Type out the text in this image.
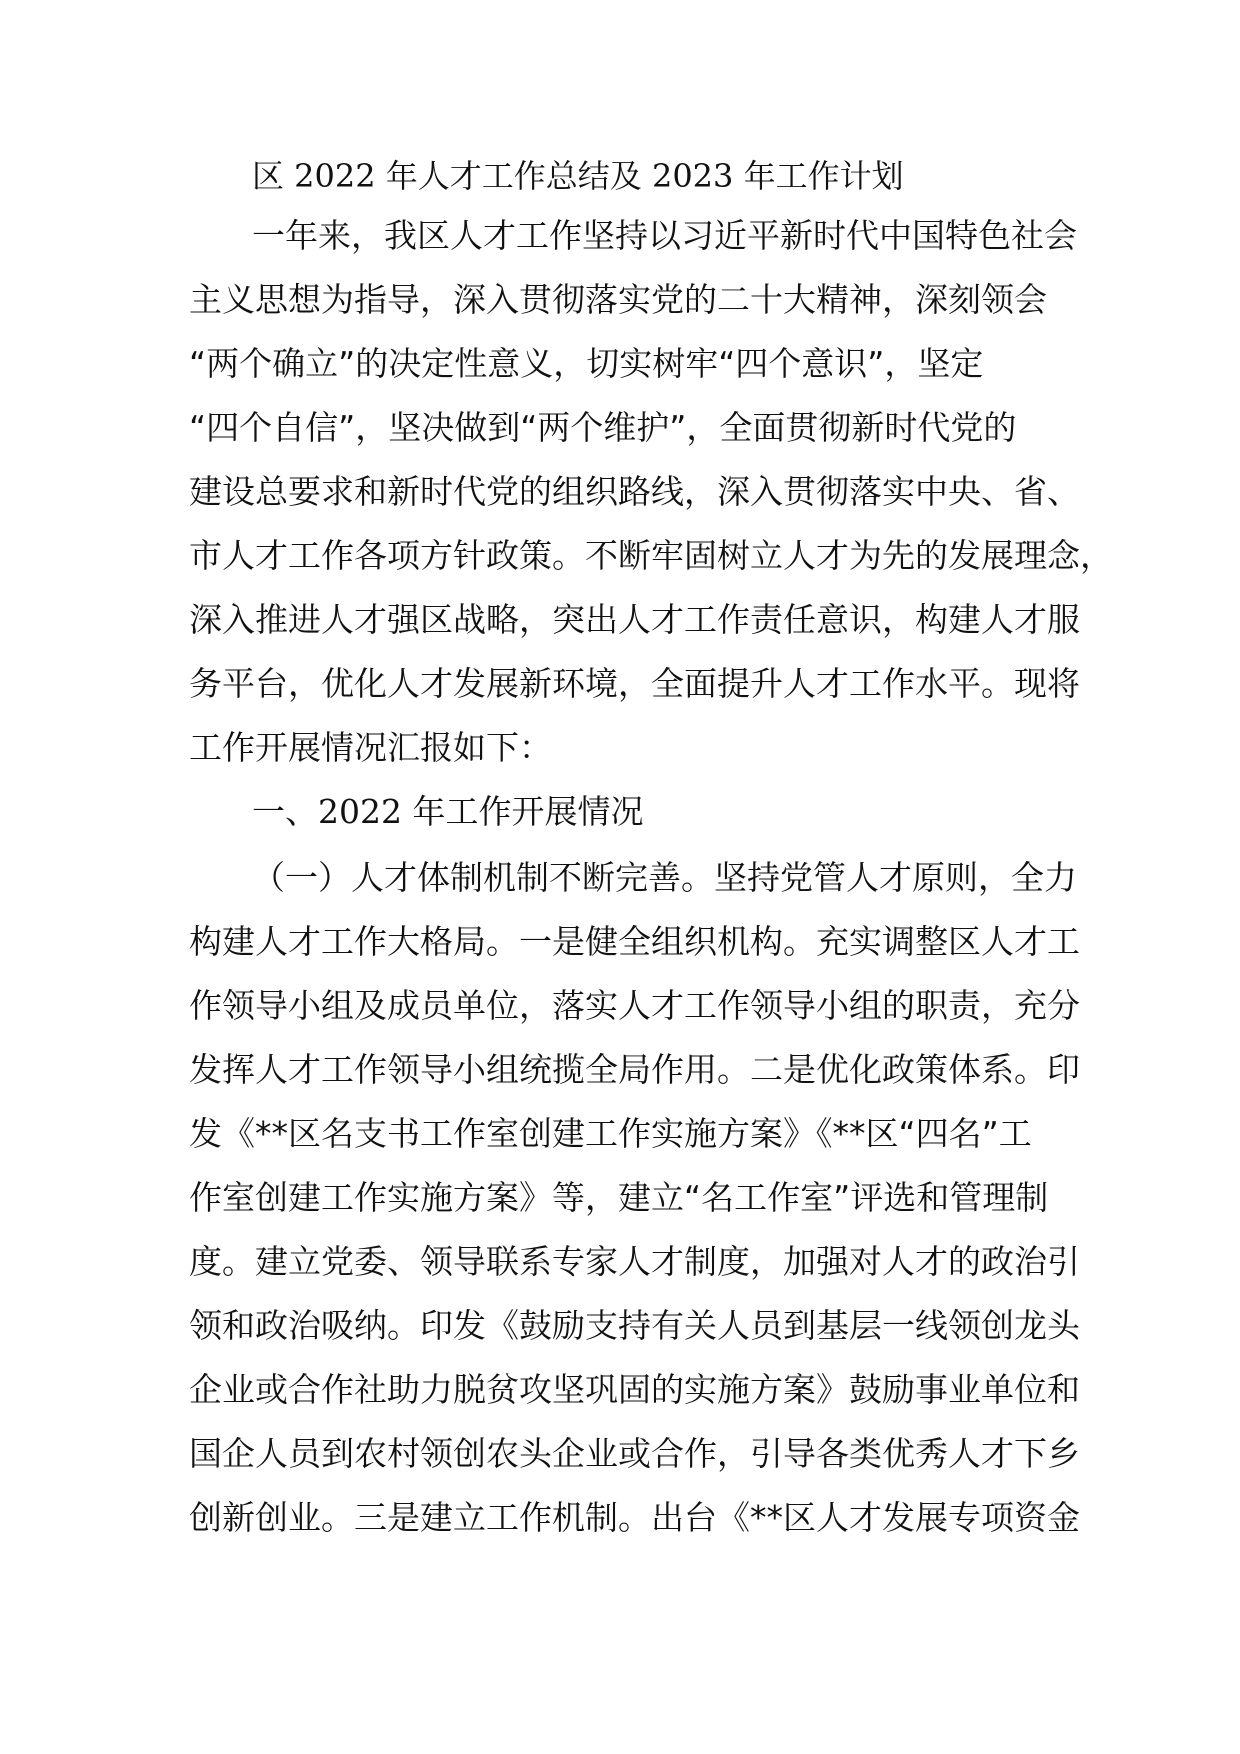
区 2022 年人才工作总结及 2023 年工作计划
一年来，我区人才工作坚持以习近平新时代中国特色社会
主义思想为指导，深入贯彻落实党的二十大精神，深刻领会
“两个确立”的决定性意义，切实树牢“四个意识”，坚定
“四个自信”，坚决做到“两个维护”，全面贯彻新时代党的
建设总要求和新时代党的组织路线，深入贯彻落实中央、省、
市人才工作各项方针政策。不断牢固树立人才为先的发展理念，
深入推进人才强区战略，突出人才工作责任意识，构建人才服
务平台，优化人才发展新环境，全面提升人才工作水平。现将
工作开展情况汇报如下：
一、2022 年工作开展情况
（一）人才体制机制不断完善。坚持党管人才原则，全力
构建人才工作大格局。一是健全组织机构。充实调整区人才工
作领导小组及成员单位，落实人才工作领导小组的职责，充分
发挥人才工作领导小组统揽全局作用。二是优化政策体系。印
发《**区名支书工作室创建工作实施方案》《**区“四名”工
作室创建工作实施方案》等，建立“名工作室”评选和管理制
度。建立党委、领导联系专家人才制度，加强对人才的政治引
领和政治吸纳。印发《鼓励支持有关人员到基层一线领创龙头
企业或合作社助力脱贫攻坚巩固的实施方案》鼓励事业单位和
国企人员到农村领创农头企业或合作，引导各类优秀人才下乡
创新创业。三是建立工作机制。出台《**区人才发展专项资金
